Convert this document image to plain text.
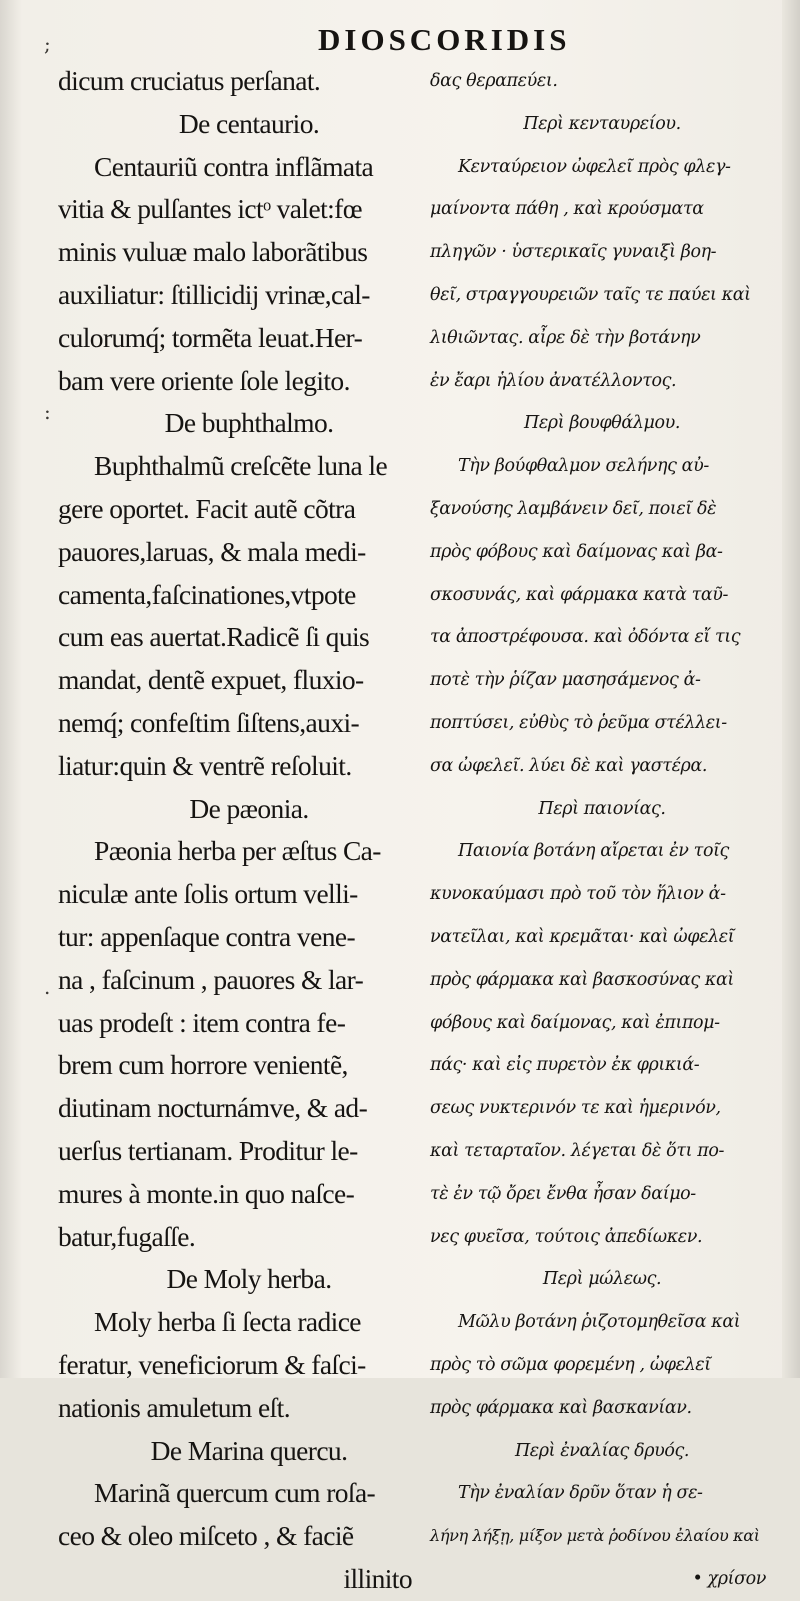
;
:
.
DIOSCORIDIS
dicum cruciatus perſanat.
De centaurio.
Centauriũ contra inflãmata
vitia & pulſantes ictᵒ valet:fœ
minis vuluæ malo laborãtibus
auxiliatur: ſtillicidij vrinæ,cal-
culorumq́; tormẽta leuat.Her-
bam vere oriente ſole legito.
De buphthalmo.
Buphthalmũ creſcẽte luna le
gere oportet. Facit autẽ cõtra
pauores,laruas, & mala medi-
camenta,faſcinationes,vtpote
cum eas auertat.Radicẽ ſi quis
mandat, dentẽ expuet, fluxio-
nemq́; confeſtim ſiſtens,auxi-
liatur:quin & ventrẽ reſoluit.
De pæonia.
Pæonia herba per æſtus Ca-
niculæ ante ſolis ortum velli-
tur: appenſaque contra vene-
na , faſcinum , pauores & lar-
uas prodeſt : item contra fe-
brem cum horrore venientẽ,
diutinam nocturnámve, & ad-
uerſus tertianam. Proditur le-
mures à monte.in quo naſce-
batur,fugaſſe.
De Moly herba.
Moly herba ſi ſecta radice
feratur, veneficiorum & faſci-
nationis amuletum eſt.
De Marina quercu.
Marinã quercum cum roſa-
ceo & oleo miſceto , & faciẽ
illinito
δας θεραπεύει.
Περὶ κενταυρείου.
Κενταύρειον ὠφελεῖ πρὸς φλεγ-
μαίνοντα πάθη , καὶ κρούσματα
πληγῶν · ὑστερικαῖς γυναιξὶ βοη-
θεῖ, στραγγουρειῶν ταῖς τε παύει καὶ
λιθιῶντας. αἶρε δὲ τὴν βοτάνην
ἐν ἔαρι ἡλίου ἀνατέλλοντος.
Περὶ βουφθάλμου.
Τὴν βούφθαλμον σελήνης αὐ-
ξανούσης λαμβάνειν δεῖ, ποιεῖ δὲ
πρὸς φόβους καὶ δαίμονας καὶ βα-
σκοσυνάς, καὶ φάρμακα κατὰ ταῦ-
τα ἀποστρέφουσα. καὶ ὀδόντα εἴ τις
ποτὲ τὴν ῥίζαν μασησάμενος ἀ-
ποπτύσει, εὐθὺς τὸ ῥεῦμα στέλλει-
σα ὠφελεῖ. λύει δὲ καὶ γαστέρα.
Περὶ παιονίας.
Παιονία βοτάνη αἴρεται ἐν τοῖς
κυνοκαύμασι πρὸ τοῦ τὸν ἥλιον ἀ-
νατεῖλαι, καὶ κρεμᾶται· καὶ ὠφελεῖ
πρὸς φάρμακα καὶ βασκοσύνας καὶ
φόβους καὶ δαίμονας, καὶ ἐπιπομ-
πάς· καὶ εἰς πυρετὸν ἐκ φρικιά-
σεως νυκτερινόν τε καὶ ἡμερινόν,
καὶ τεταρταῖον. λέγεται δὲ ὅτι πο-
τὲ ἐν τῷ ὄρει ἔνθα ἦσαν δαίμο-
νες φυεῖσα, τούτοις ἀπεδίωκεν.
Περὶ μώλεως.
Μῶλυ βοτάνη ῥιζοτομηθεῖσα καὶ
πρὸς τὸ σῶμα φορεμένη , ὠφελεῖ
πρὸς φάρμακα καὶ βασκανίαν.
Περὶ ἐναλίας δρυός.
Τὴν ἐναλίαν δρῦν ὅταν ἡ σε-
λήνη λήξῃ, μίξον μετὰ ῥοδίνου ἐλαίου καὶ
• χρίσον
